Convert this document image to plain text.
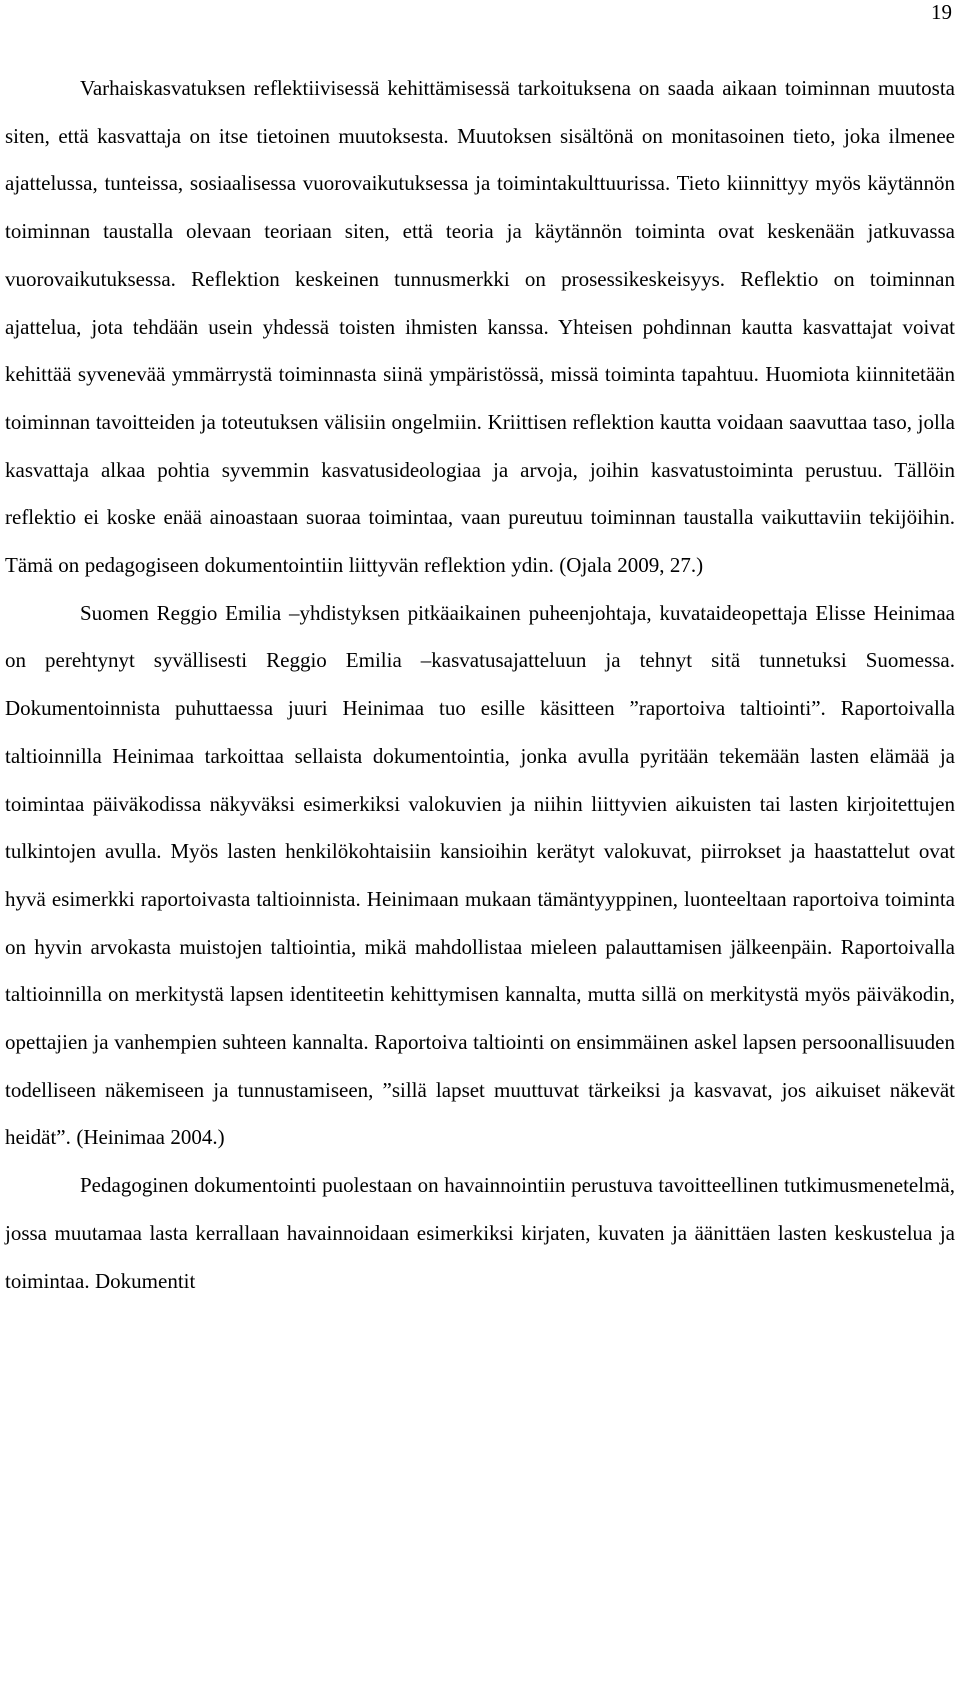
19

Varhaiskasvatuksen reflektiivisessä kehittämisessä tarkoituksena on saada aikaan toiminnan muutosta siten, että kasvattaja on itse tietoinen muutoksesta. Muutoksen sisältönä on monitasoinen tieto, joka ilmenee ajattelussa, tunteissa, sosiaalisessa vuorovaikutuksessa ja toimintakulttuurissa. Tieto kiinnittyy myös käytännön toiminnan taustalla olevaan teoriaan siten, että teoria ja käytännön toiminta ovat keskenään jatkuvassa vuorovaikutuksessa. Reflektion keskeinen tunnusmerkki on prosessikeskeisyys. Reflektio on toiminnan ajattelua, jota tehdään usein yhdessä toisten ihmisten kanssa. Yhteisen pohdinnan kautta kasvattajat voivat kehittää syvenevää ymmärrystä toiminnasta siinä ympäristössä, missä toiminta tapahtuu. Huomiota kiinnitetään toiminnan tavoitteiden ja toteutuksen välisiin ongelmiin. Kriittisen reflektion kautta voidaan saavuttaa taso, jolla kasvattaja alkaa pohtia syvemmin kasvatusideologiaa ja arvoja, joihin kasvatustoiminta perustuu. Tällöin reflektio ei koske enää ainoastaan suoraa toimintaa, vaan pureutuu toiminnan taustalla vaikuttaviin tekijöihin. Tämä on pedagogiseen dokumentointiin liittyvän reflektion ydin. (Ojala 2009, 27.)

Suomen Reggio Emilia –yhdistyksen pitkäaikainen puheenjohtaja, kuvataideopettaja Elisse Heinimaa on perehtynyt syvällisesti Reggio Emilia –kasvatusajatteluun ja tehnyt sitä tunnetuksi Suomessa. Dokumentoinnista puhuttaessa juuri Heinimaa tuo esille käsitteen ”raportoiva taltiointi”. Raportoivalla taltioinnilla Heinimaa tarkoittaa sellaista dokumentointia, jonka avulla pyritään tekemään lasten elämää ja toimintaa päiväkodissa näkyväksi esimerkiksi valokuvien ja niihin liittyvien aikuisten tai lasten kirjoitettujen tulkintojen avulla. Myös lasten henkilökohtaisiin kansioihin kerätyt valokuvat, piirrokset ja haastattelut ovat hyvä esimerkki raportoivasta taltioinnista. Heinimaan mukaan tämäntyyppinen, luonteeltaan raportoiva toiminta on hyvin arvokasta muistojen taltiointia, mikä mahdollistaa mieleen palauttamisen jälkeenpäin. Raportoivalla taltioinnilla on merkitystä lapsen identiteetin kehittymisen kannalta, mutta sillä on merkitystä myös päiväkodin, opettajien ja vanhempien suhteen kannalta. Raportoiva taltiointi on ensimmäinen askel lapsen persoonallisuuden todelliseen näkemiseen ja tunnustamiseen, ”sillä lapset muuttuvat tärkeiksi ja kasvavat, jos aikuiset näkevät heidät”. (Heinimaa 2004.)

Pedagoginen dokumentointi puolestaan on havainnointiin perustuva tavoitteellinen tutkimusmenetelmä, jossa muutamaa lasta kerrallaan havainnoidaan esimerkiksi kirjaten, kuvaten ja äänittäen lasten keskustelua ja toimintaa. Dokumentit
